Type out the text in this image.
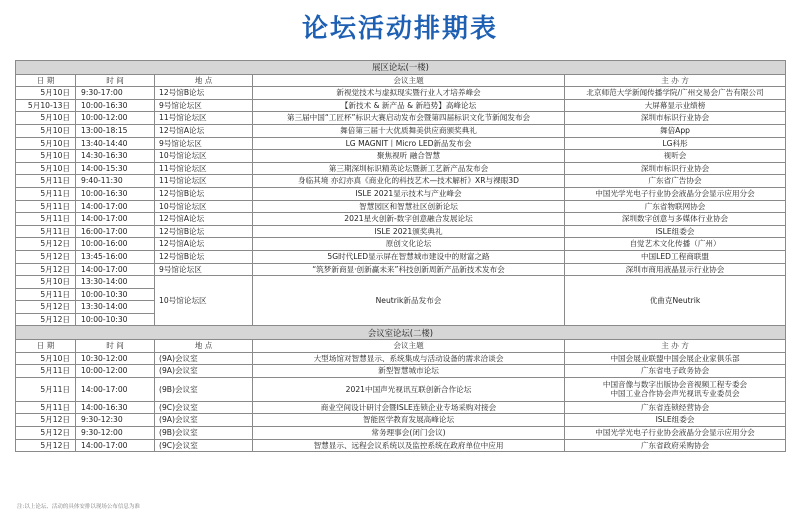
论坛活动排期表
展区论坛(一楼)				
日 期	时 间	地 点	会议主题	主 办 方
5月10日	9:30-17:00	12号馆B论坛	新视觉技术与虚拟现实暨行业人才培养峰会	北京师范大学新闻传播学院/广州交易会广告有限公司
5月10-13日	10:00-16:30	9号馆论坛区	【新技术 & 新产品 & 新趋势】高峰论坛	大屏幕显示业绩榜
5月10日	10:00-12:00	11号馆论坛区	第三届中国“工匠杯”标识大赛启动发布会暨第四届标识文化节新闻发布会	深圳市标识行业协会
5月10日	13:00-18:15	12号馆A论坛	舞倍第三届十大优质舞美供应商颁奖典礼	舞倍App
5月10日	13:40-14:40	9号馆论坛区	LG MAGNIT丨Micro LED新品发布会	LG科彤
5月10日	14:30-16:30	10号馆论坛区	聚焦视听 融合智慧	视听会
5月10日	14:00-15:30	11号馆论坛区	第三期深圳标识精英论坛暨新工艺新产品发布会	深圳市标识行业协会
5月11日	9:40-11:30	11号馆论坛区	身临其境 亦幻亦真《商业化的科技艺术—技术解析》XR与裸眼3D	广东省广告协会
5月11日	10:00-16:30	12号馆B论坛	ISLE 2021显示技术与产业峰会	中国光学光电子行业协会液晶分会显示应用分会
5月11日	14:00-17:00	10号馆论坛区	智慧园区和智慧社区创新论坛	广东省物联网协会
5月11日	14:00-17:00	12号馆A论坛	2021星火创新-数字创意融合发展论坛	深圳数字创意与多媒体行业协会
5月11日	16:00-17:00	12号馆B论坛	ISLE 2021颁奖典礼	ISLE组委会
5月12日	10:00-16:00	12号馆A论坛	原创文化论坛	自觉艺术文化传播（广州）
5月12日	13:45-16:00	12号馆B论坛	5G时代LED显示屏在智慧城市建设中的财富之路	中国LED工程商联盟
5月12日	14:00-17:00	9号馆论坛区	“筑梦新商显·创新赢未来”科技创新周新产品新技术发布会	深圳市商用液晶显示行业协会
5月10日	13:30-14:00	10号馆论坛区	Neutrik新品发布会	优曲克Neutrik
5月11日	10:00-10:30			
5月12日	13:30-14:00			
5月12日	10:00-10:30			
会议室论坛(二楼)				
日 期	时 间	地 点	会议主题	主 办 方
5月10日	10:30-12:00	(9A)会议室	大型场馆对智慧显示、系统集成与活动设备的需求洽谈会	中国会展业联盟中国会展企业家俱乐部
5月11日	10:00-12:00	(9A)会议室	新型智慧城市论坛	广东省电子政务协会
5月11日	14:00-17:00	(9B)会议室	2021中国声光视讯互联创新合作论坛	中国音像与数字出版协会音视频工程专委会
中国工业合作协会声光视讯专业委员会

5月11日	14:00-16:30	(9C)会议室	商业空间设计研讨会暨ISLE连锁企业专场采购对接会	广东省连锁经营协会
5月12日	9:30-12:30	(9A)会议室	智能医学教育发展高峰论坛	ISLE组委会
5月12日	9:30-12:00	(9B)会议室	常务理事会(闭门会议)	中国光学光电子行业协会液晶分会显示应用分会
5月12日	14:00-17:00	(9C)会议室	智慧显示、远程会议系统以及监控系统在政府单位中应用	广东省政府采购协会
注:以上论坛、活动的具体安排以现场公布信息为准
